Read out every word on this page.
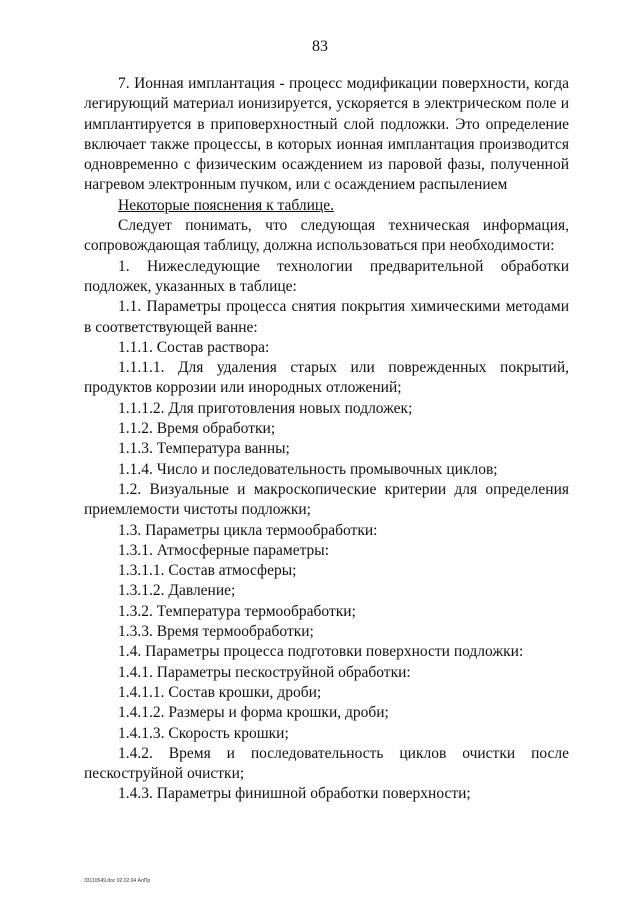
83

7. Ионная имплантация - процесс модификации поверхности, когда легирующий материал ионизируется, ускоряется в электрическом поле и имплантируется в приповерхностный слой подложки. Это определение включает также процессы, в которых ионная имплантация производится одновременно с физическим осаждением из паровой фазы, полученной нагревом электронным пучком, или с осаждением распылением

Некоторые пояснения к таблице.

Следует понимать, что следующая техническая информация, сопровождающая таблицу, должна использоваться при необходимости:

1. Нижеследующие технологии предварительной обработки подложек, указанных в таблице:

1.1. Параметры процесса снятия покрытия химическими методами в соответствующей ванне:

1.1.1. Состав раствора:

1.1.1.1. Для удаления старых или поврежденных покрытий, продуктов коррозии или инородных отложений;

1.1.1.2. Для приготовления новых подложек;

1.1.2. Время обработки;

1.1.3. Температура ванны;

1.1.4. Число и последовательность промывочных циклов;

1.2. Визуальные и макроскопические критерии для определения приемлемости чистоты подложки;

1.3. Параметры цикла термообработки:

1.3.1. Атмосферные параметры:

1.3.1.1. Состав атмосферы;

1.3.1.2. Давление;

1.3.2. Температура термообработки;

1.3.3. Время термообработки;

1.4. Параметры процесса подготовки поверхности подложки:

1.4.1. Параметры пескоструйной обработки:

1.4.1.1. Состав крошки, дроби;

1.4.1.2. Размеры и форма крошки, дроби;

1.4.1.3. Скорость крошки;

1.4.2. Время и последовательность циклов очистки после пескоструйной очистки;

1.4.3. Параметры финишной обработки поверхности;

33110549.doc 02.02.04 АлПр
